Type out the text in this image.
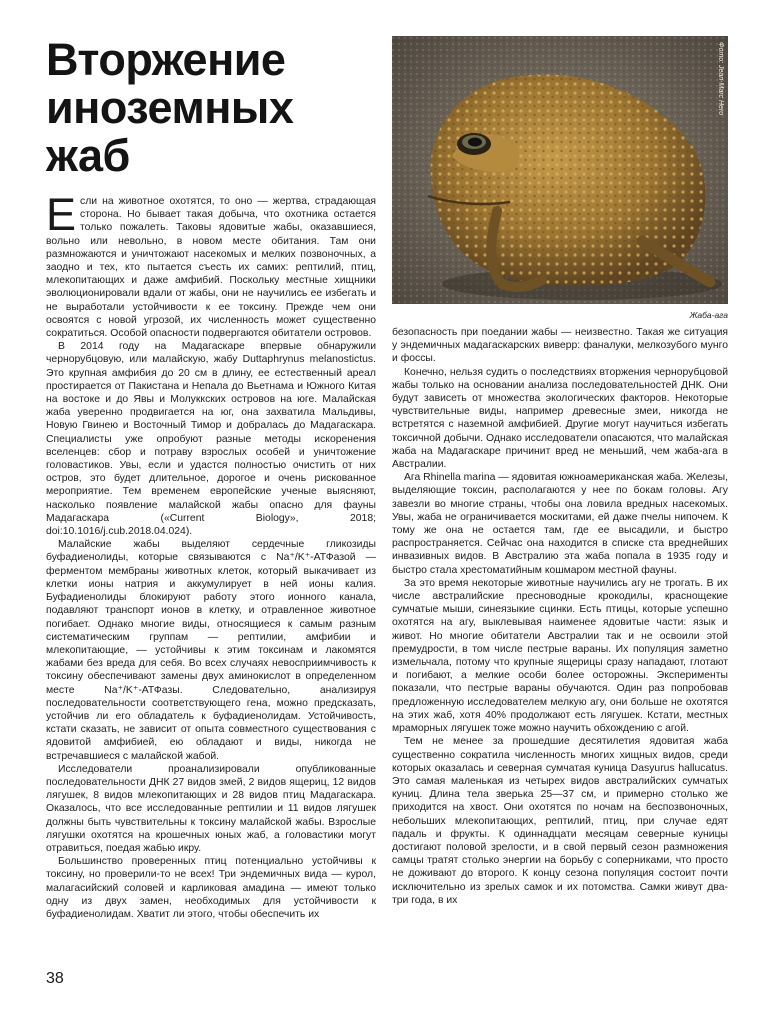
Вторжение
иноземных
жаб
Фото: Jean-Marc Hero
Жаба-ага

Если на животное охотятся, то оно — жертва, страдающая сторона. Но бывает такая добыча, что охотника остается только пожалеть. Таковы ядовитые жабы, оказавшиеся, вольно или невольно, в новом месте обитания. Там они размножаются и уничтожают насекомых и мелких позвоночных, а заодно и тех, кто пытается съесть их самих: рептилий, птиц, млекопитающих и даже амфибий. Поскольку местные хищники эволюционировали вдали от жабы, они не научились ее избегать и не выработали устойчивости к ее токсину. Прежде чем они освоятся с новой угрозой, их численность может существенно сократиться. Особой опасности подвергаются обитатели островов.

В 2014 году на Мадагаскаре впервые обнаружили чернорубцовую, или малайскую, жабу Duttaphrynus melanostictus. Это крупная амфибия до 20 см в длину, ее естественный ареал простирается от Пакистана и Непала до Вьетнама и Южного Китая на востоке и до Явы и Молуккских островов на юге. Малайская жаба уверенно продвигается на юг, она захватила Мальдивы, Новую Гвинею и Восточный Тимор и добралась до Мадагаскара. Специалисты уже опробуют разные методы искоренения вселенцев: сбор и потраву взрослых особей и уничтожение головастиков. Увы, если и удастся полностью очистить от них остров, это будет длительное, дорогое и очень рискованное мероприятие. Тем временем европейские ученые выясняют, насколько появление малайской жабы опасно для фауны Мадагаскара («Current Biology», 2018; doi:10.1016/j.cub.2018.04.024).

Малайские жабы выделяют сердечные гликозиды буфадиенолиды, которые связываются с Na⁺/K⁺-АТФазой — ферментом мембраны животных клеток, который выкачивает из клетки ионы натрия и аккумулирует в ней ионы калия. Буфадиенолиды блокируют работу этого ионного канала, подавляют транспорт ионов в клетку, и отравленное животное погибает. Однако многие виды, относящиеся к самым разным систематическим группам — рептилии, амфибии и млекопитающие, — устойчивы к этим токсинам и лакомятся жабами без вреда для себя. Во всех случаях невосприимчивость к токсину обеспечивают замены двух аминокислот в определенном месте Na⁺/K⁺-АТФазы. Следовательно, анализируя последовательности соответствующего гена, можно предсказать, устойчив ли его обладатель к буфадиенолидам. Устойчивость, кстати сказать, не зависит от опыта совместного существования с ядовитой амфибией, ею обладают и виды, никогда не встречавшиеся с малайской жабой.

Исследователи проанализировали опубликованные последовательности ДНК 27 видов змей, 2 видов ящериц, 12 видов лягушек, 8 видов млекопитающих и 28 видов птиц Мадагаскара. Оказалось, что все исследованные рептилии и 11 видов лягушек должны быть чувствительны к токсину малайской жабы. Взрослые лягушки охотятся на крошечных юных жаб, а головастики могут отравиться, поедая жабью икру.

Большинство проверенных птиц потенциально устойчивы к токсину, но проверили-то не всех! Три эндемичных вида — курол, малагасийский соловей и карликовая амадина — имеют только одну из двух замен, необходимых для устойчивости к буфадиенолидам. Хватит ли этого, чтобы обеспечить их

безопасность при поедании жабы — неизвестно. Такая же ситуация у эндемичных мадагаскарских виверр: фаналуки, мелкозубого мунго и фоссы.

Конечно, нельзя судить о последствиях вторжения чернорубцовой жабы только на основании анализа последовательностей ДНК. Они будут зависеть от множества экологических факторов. Некоторые чувствительные виды, например древесные змеи, никогда не встретятся с наземной амфибией. Другие могут научиться избегать токсичной добычи. Однако исследователи опасаются, что малайская жаба на Мадагаскаре причинит вред не меньший, чем жаба-ага в Австралии.

Ага Rhinella marina — ядовитая южноамериканская жаба. Железы, выделяющие токсин, располагаются у нее по бокам головы. Агу завезли во многие страны, чтобы она ловила вредных насекомых. Увы, жаба не ограничивается москитами, ей даже пчелы нипочем. К тому же она не остается там, где ее высадили, и быстро распространяется. Сейчас она находится в списке ста вреднейших инвазивных видов. В Австралию эта жаба попала в 1935 году и быстро стала хрестоматийным кошмаром местной фауны.

За это время некоторые животные научились агу не трогать. В их числе австралийские пресноводные крокодилы, краснощекие сумчатые мыши, синеязыкие сцинки. Есть птицы, которые успешно охотятся на агу, выклевывая наименее ядовитые части: язык и живот. Но многие обитатели Австралии так и не освоили этой премудрости, в том числе пестрые вараны. Их популяция заметно измельчала, потому что крупные ящерицы сразу нападают, глотают и погибают, а мелкие особи более осторожны. Эксперименты показали, что пестрые вараны обучаются. Один раз попробовав предложенную исследователем мелкую агу, они больше не охотятся на этих жаб, хотя 40% продолжают есть лягушек. Кстати, местных мраморных лягушек тоже можно научить обхождению с агой.

Тем не менее за прошедшие десятилетия ядовитая жаба существенно сократила численность многих хищных видов, среди которых оказалась и северная сумчатая куница Dasyurus hallucatus. Это самая маленькая из четырех видов австралийских сумчатых куниц. Длина тела зверька 25—37 см, и примерно столько же приходится на хвост. Они охотятся по ночам на беспозвоночных, небольших млекопитающих, рептилий, птиц, при случае едят падаль и фрукты. К одиннадцати месяцам северные куницы достигают половой зрелости, и в свой первый сезон размножения самцы тратят столько энергии на борьбу с соперниками, что просто не доживают до второго. К концу сезона популяция состоит почти исключительно из зрелых самок и их потомства. Самки живут два-три года, в их

38
